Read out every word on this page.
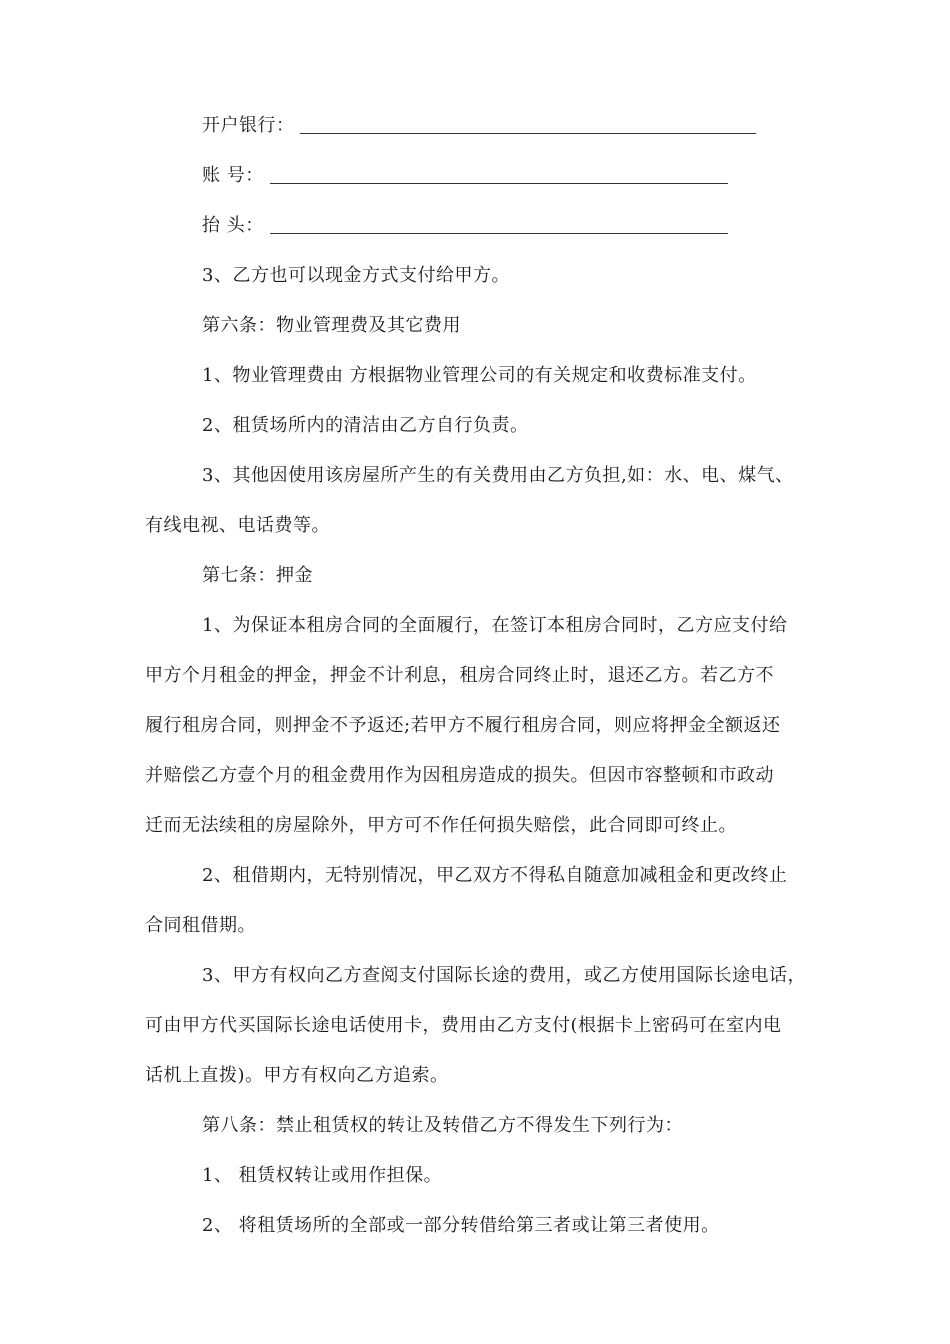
开户银行：
账 号：
抬 头：
3、乙方也可以现金方式支付给甲方。
第六条：物业管理费及其它费用
1、物业管理费由 方根据物业管理公司的有关规定和收费标准支付。
2、租赁场所内的清洁由乙方自行负责。
3、其他因使用该房屋所产生的有关费用由乙方负担,如：水、电、煤气、
有线电视、电话费等。
第七条：押金
1、为保证本租房合同的全面履行，在签订本租房合同时，乙方应支付给
甲方个月租金的押金，押金不计利息，租房合同终止时，退还乙方。若乙方不
履行租房合同，则押金不予返还;若甲方不履行租房合同，则应将押金全额返还
并赔偿乙方壹个月的租金费用作为因租房造成的损失。但因市容整顿和市政动
迁而无法续租的房屋除外，甲方可不作任何损失赔偿，此合同即可终止。
2、租借期内，无特别情况，甲乙双方不得私自随意加减租金和更改终止
合同租借期。
3、甲方有权向乙方查阅支付国际长途的费用，或乙方使用国际长途电话，
可由甲方代买国际长途电话使用卡，费用由乙方支付(根据卡上密码可在室内电
话机上直拨)。甲方有权向乙方追索。
第八条：禁止租赁权的转让及转借乙方不得发生下列行为：
1、 租赁权转让或用作担保。
2、 将租赁场所的全部或一部分转借给第三者或让第三者使用。
